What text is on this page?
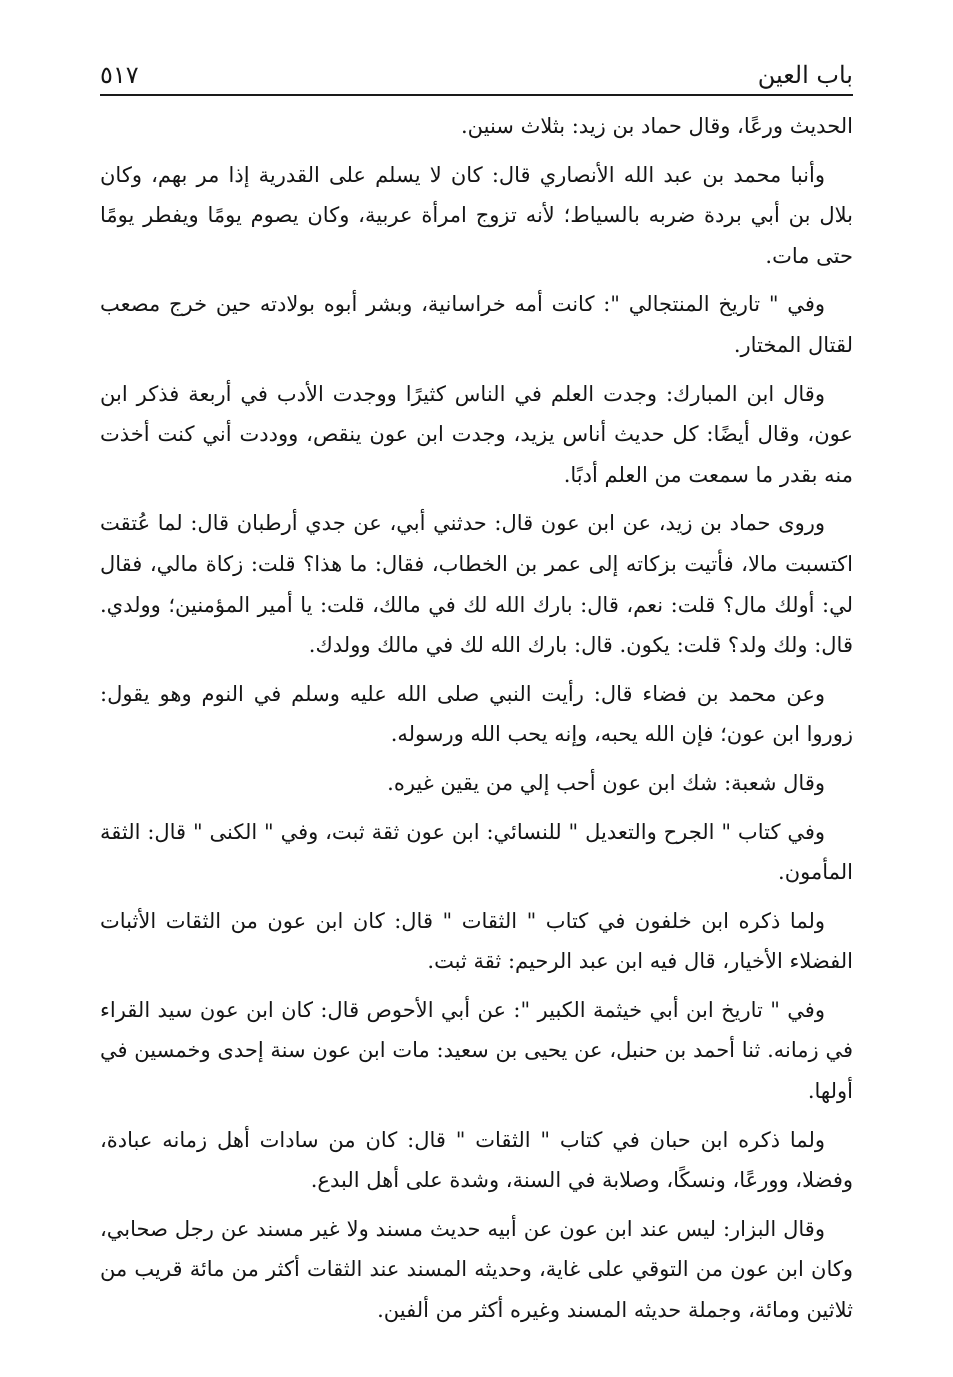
باب العين
٥١٧

الحديث ورعًا، وقال حماد بن زيد: بثلاث سنين.

وأنبا محمد بن عبد الله الأنصاري قال: كان لا يسلم على القدرية إذا مر بهم، وكان بلال بن أبي بردة ضربه بالسياط؛ لأنه تزوج امرأة عربية، وكان يصوم يومًا ويفطر يومًا حتى مات.

وفي " تاريخ المنتجالي ": كانت أمه خراسانية، وبشر أبوه بولادته حين خرج مصعب لقتال المختار.

وقال ابن المبارك: وجدت العلم في الناس كثيرًا ووجدت الأدب في أربعة فذكر ابن عون، وقال أيضًا: كل حديث أناس يزيد، وجدت ابن عون ينقص، ووددت أني كنت أخذت منه بقدر ما سمعت من العلم أدبًا.

وروى حماد بن زيد، عن ابن عون قال: حدثني أبي، عن جدي أرطبان قال: لما عُتقت اكتسبت مالا، فأتيت بزكاته إلى عمر بن الخطاب، فقال: ما هذا؟ قلت: زكاة مالي، فقال لي: أولك مال؟ قلت: نعم، قال: بارك الله لك في مالك، قلت: يا أمير المؤمنين؛ وولدي. قال: ولك ولد؟ قلت: يكون. قال: بارك الله لك في مالك وولدك.

وعن محمد بن فضاء قال: رأيت النبي صلى الله عليه وسلم في النوم وهو يقول: زوروا ابن عون؛ فإن الله يحبه، وإنه يحب الله ورسوله.

وقال شعبة: شك ابن عون أحب إلي من يقين غيره.

وفي كتاب " الجرح والتعديل " للنسائي: ابن عون ثقة ثبت، وفي " الكنى " قال: الثقة المأمون.

ولما ذكره ابن خلفون في كتاب " الثقات " قال: كان ابن عون من الثقات الأثبات الفضلاء الأخيار، قال فيه ابن عبد الرحيم: ثقة ثبت.

وفي " تاريخ ابن أبي خيثمة الكبير ": عن أبي الأحوص قال: كان ابن عون سيد القراء في زمانه. ثنا أحمد بن حنبل، عن يحيى بن سعيد: مات ابن عون سنة إحدى وخمسين في أولها.

ولما ذكره ابن حبان في كتاب " الثقات " قال: كان من سادات أهل زمانه عبادة، وفضلا، وورعًا، ونسكًا، وصلابة في السنة، وشدة على أهل البدع.

وقال البزار: ليس عند ابن عون عن أبيه حديث مسند ولا غير مسند عن رجل صحابي، وكان ابن عون من التوقي على غاية، وحديثه المسند عند الثقات أكثر من مائة قريب من ثلاثين ومائة، وجملة حديثه المسند وغيره أكثر من ألفين.
